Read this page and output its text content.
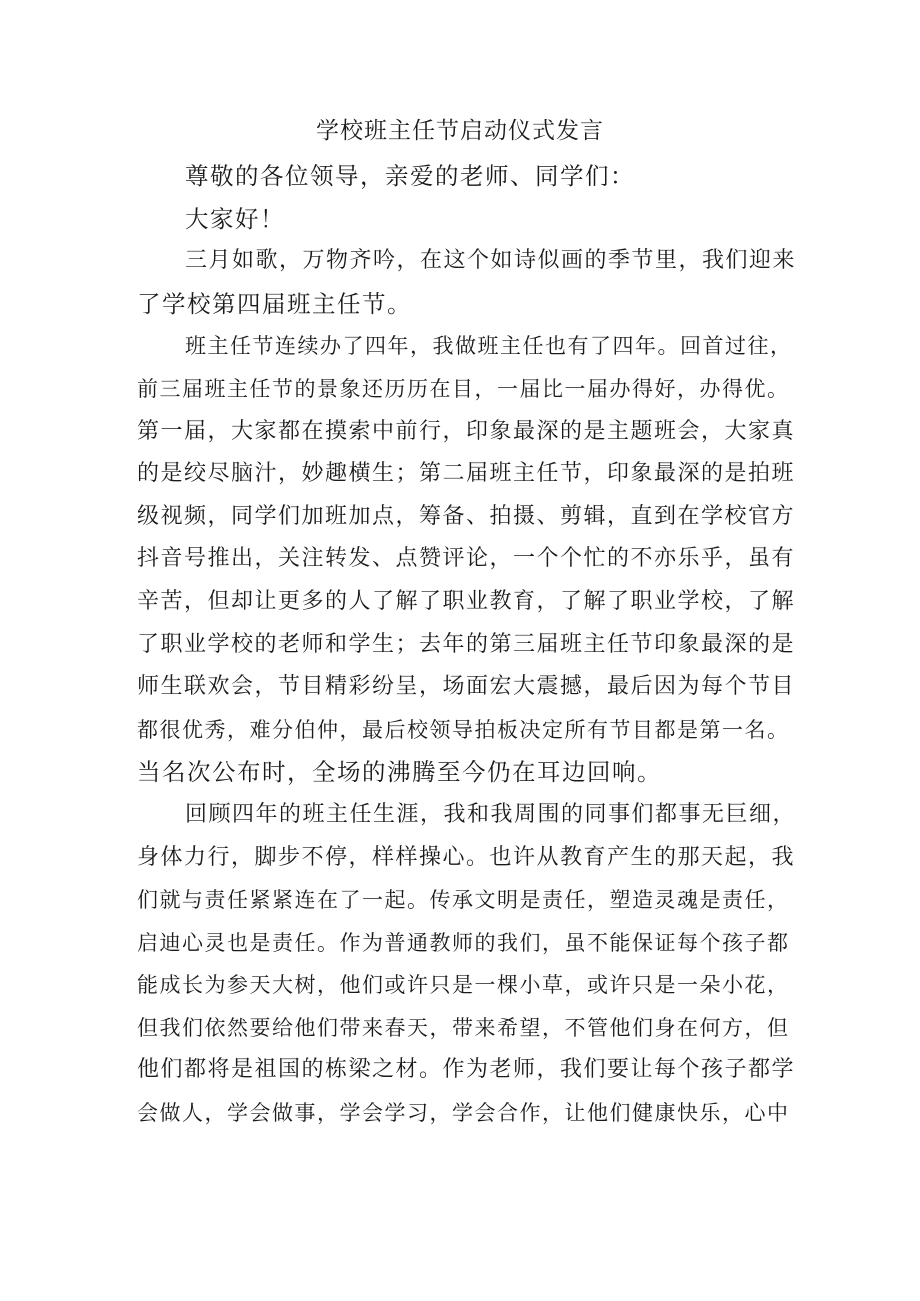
学校班主任节启动仪式发言
尊敬的各位领导，亲爱的老师、同学们：
大家好！
三月如歌，万物齐吟，在这个如诗似画的季节里，我们迎来
了学校第四届班主任节。
班主任节连续办了四年，我做班主任也有了四年。回首过往，
前三届班主任节的景象还历历在目，一届比一届办得好，办得优。
第一届，大家都在摸索中前行，印象最深的是主题班会，大家真
的是绞尽脑汁，妙趣横生；第二届班主任节，印象最深的是拍班
级视频，同学们加班加点，筹备、拍摄、剪辑，直到在学校官方
抖音号推出，关注转发、点赞评论，一个个忙的不亦乐乎，虽有
辛苦，但却让更多的人了解了职业教育，了解了职业学校，了解
了职业学校的老师和学生；去年的第三届班主任节印象最深的是
师生联欢会，节目精彩纷呈，场面宏大震撼，最后因为每个节目
都很优秀，难分伯仲，最后校领导拍板决定所有节目都是第一名。
当名次公布时，全场的沸腾至今仍在耳边回响。
回顾四年的班主任生涯，我和我周围的同事们都事无巨细，
身体力行，脚步不停，样样操心。也许从教育产生的那天起，我
们就与责任紧紧连在了一起。传承文明是责任，塑造灵魂是责任，
启迪心灵也是责任。作为普通教师的我们，虽不能保证每个孩子都
能成长为参天大树，他们或许只是一棵小草，或许只是一朵小花，
但我们依然要给他们带来春天，带来希望，不管他们身在何方，但
他们都将是祖国的栋梁之材。作为老师，我们要让每个孩子都学
会做人，学会做事，学会学习，学会合作，让他们健康快乐，心中
